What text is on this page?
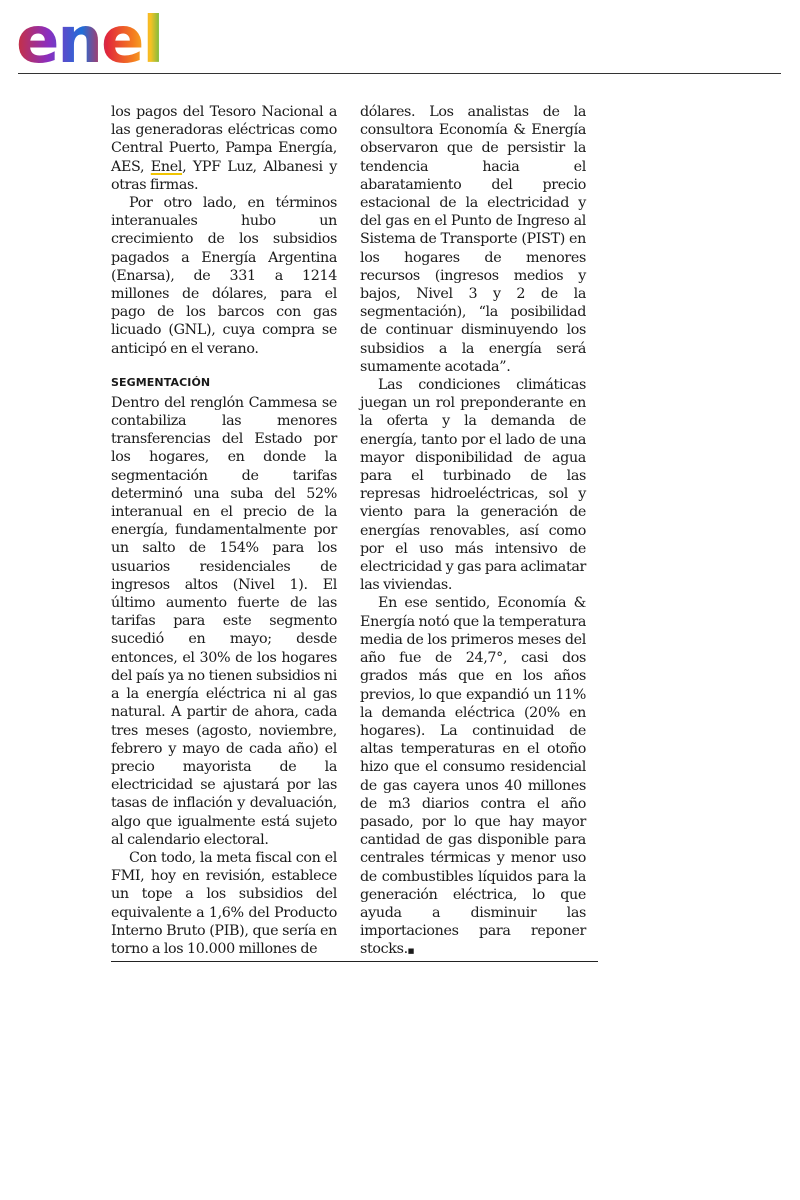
enel

los pagos del Tesoro Nacional a las generadoras eléctricas como Central Puerto, Pampa Energía, AES, Enel, YPF Luz, Albanesi y otras firmas.

Por otro lado, en términos interanuales hubo un crecimiento de los subsidios pagados a Energía Argentina (Enarsa), de 331 a 1214 millones de dólares, para el pago de los barcos con gas licuado (GNL), cuya compra se anticipó en el verano.

SEGMENTACIÓN

Dentro del renglón Cammesa se contabiliza las menores transferencias del Estado por los hogares, en donde la segmentación de tarifas determinó una suba del 52% interanual en el precio de la energía, fundamentalmente por un salto de 154% para los usuarios residenciales de ingresos altos (Nivel 1). El último aumento fuerte de las tarifas para este segmento sucedió en mayo; desde entonces, el 30% de los hogares del país ya no tienen subsidios ni a la energía eléctrica ni al gas natural. A partir de ahora, cada tres meses (agosto, noviembre, febrero y mayo de cada año) el precio mayorista de la electricidad se ajustará por las tasas de inflación y devaluación, algo que igualmente está sujeto al calendario electoral.

Con todo, la meta fiscal con el FMI, hoy en revisión, establece un tope a los subsidios del equivalente a 1,6% del Producto Interno Bruto (PIB), que sería en torno a los 10.000 millones de

dólares. Los analistas de la consultora Economía & Energía observaron que de persistir la tendencia hacia el abaratamiento del precio estacional de la electricidad y del gas en el Punto de Ingreso al Sistema de Transporte (PIST) en los hogares de menores recursos (ingresos medios y bajos, Nivel 3 y 2 de la segmentación), “la posibilidad de continuar disminuyendo los subsidios a la energía será sumamente acotada”.

Las condiciones climáticas juegan un rol preponderante en la oferta y la demanda de energía, tanto por el lado de una mayor disponibilidad de agua para el turbinado de las represas hidroeléctricas, sol y viento para la generación de energías renovables, así como por el uso más intensivo de electricidad y gas para aclimatar las viviendas.

En ese sentido, Economía & Energía notó que la temperatura media de los primeros meses del año fue de 24,7°, casi dos grados más que en los años previos, lo que expandió un 11% la demanda eléctrica (20% en hogares). La continuidad de altas temperaturas en el otoño hizo que el consumo residencial de gas cayera unos 40 millones de m3 diarios contra el año pasado, por lo que hay mayor cantidad de gas disponible para centrales térmicas y menor uso de combustibles líquidos para la generación eléctrica, lo que ayuda a disminuir las importaciones para reponer stocks.■
